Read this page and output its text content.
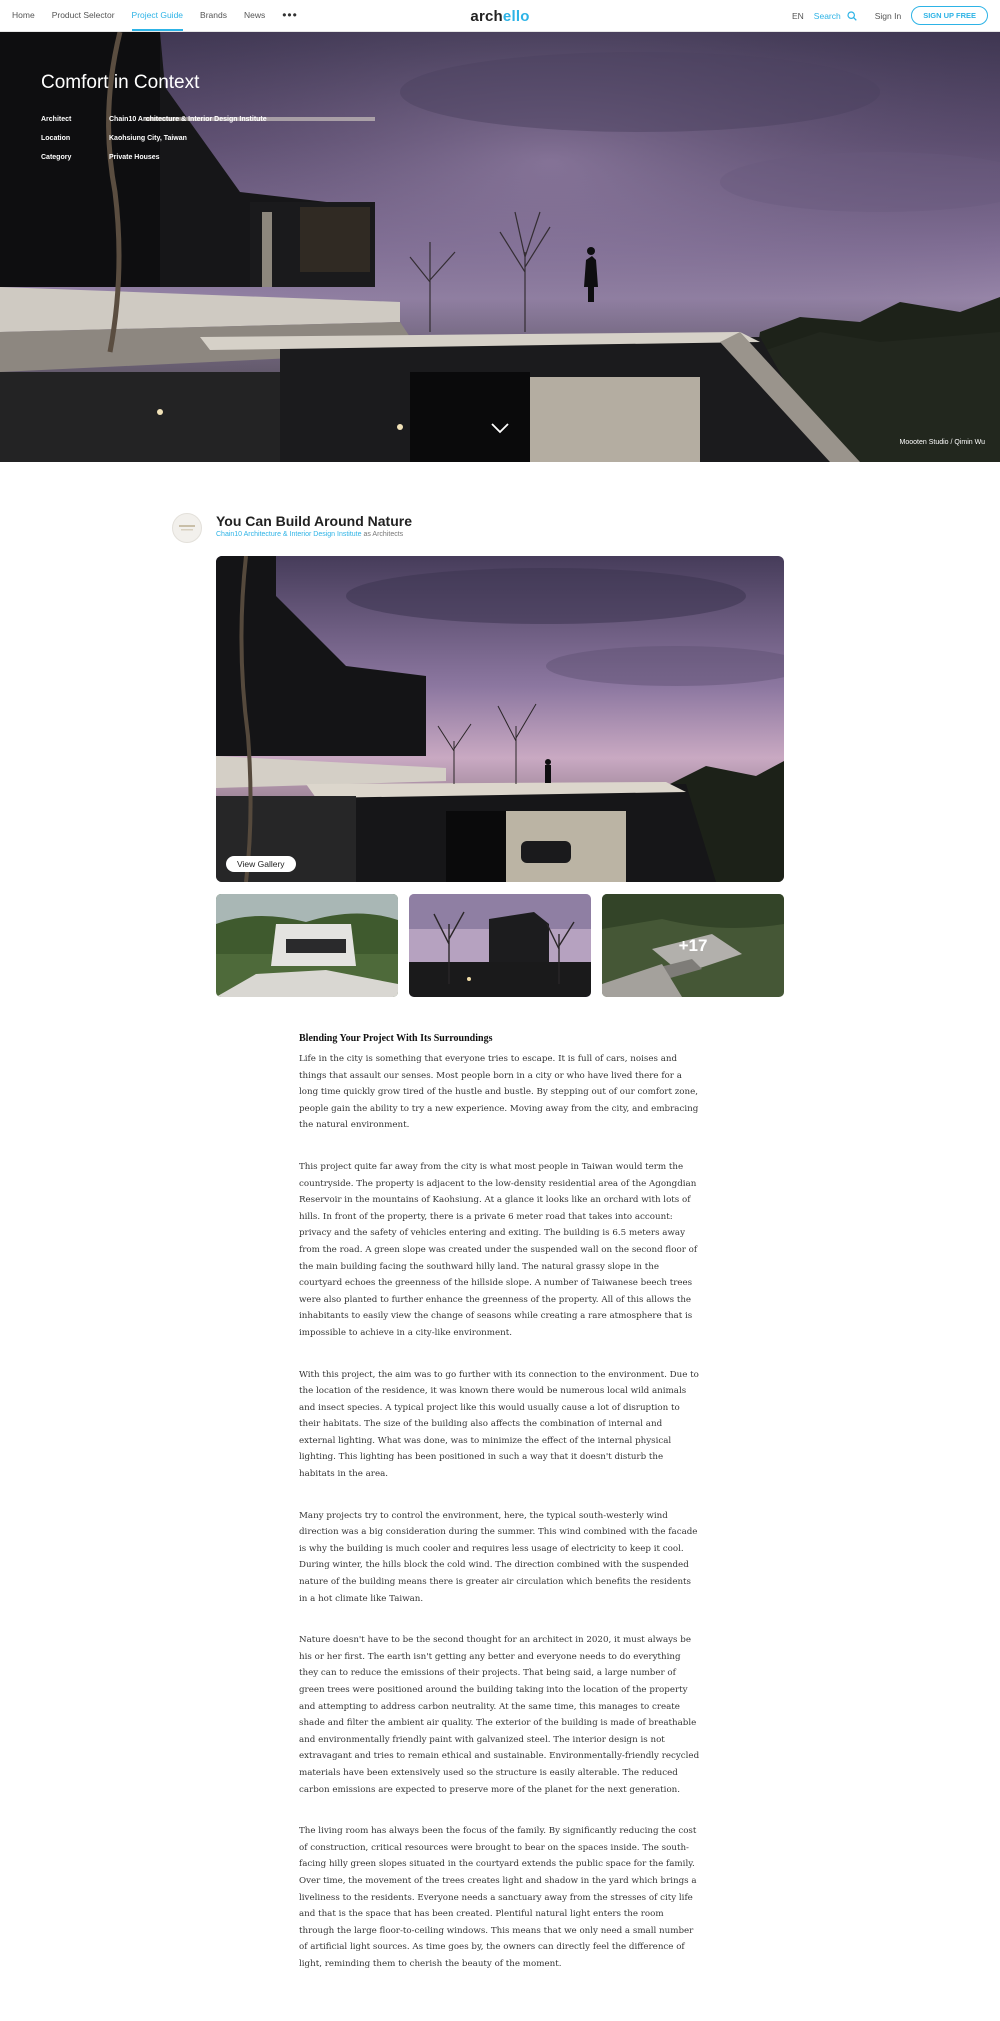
Home Product Selector Project Guide Brands News •••	archello	EN Search	Sign In	SIGN UP FREE
Comfort in Context
Architect	Chain10 Architecture & Interior Design Institute
Location	Kaohsiung City, Taiwan
Category	Private Houses
Moooten Studio / Qimin Wu
You Can Build Around Nature
Chain10 Architecture & Interior Design Institute as Architects
View Gallery
+17
Blending Your Project With Its Surroundings

Life in the city is something that everyone tries to escape. It is full of cars, noises and things that assault our senses. Most people born in a city or who have lived there for a long time quickly grow tired of the hustle and bustle. By stepping out of our comfort zone, people gain the ability to try a new experience. Moving away from the city, and embracing the natural environment.

This project quite far away from the city is what most people in Taiwan would term the countryside. The property is adjacent to the low-density residential area of the Agongdian Reservoir in the mountains of Kaohsiung. At a glance it looks like an orchard with lots of hills. In front of the property, there is a private 6 meter road that takes into account: privacy and the safety of vehicles entering and exiting. The building is 6.5 meters away from the road. A green slope was created under the suspended wall on the second floor of the main building facing the southward hilly land. The natural grassy slope in the courtyard echoes the greenness of the hillside slope. A number of Taiwanese beech trees were also planted to further enhance the greenness of the property. All of this allows the inhabitants to easily view the change of seasons while creating a rare atmosphere that is impossible to achieve in a city-like environment.

With this project, the aim was to go further with its connection to the environment. Due to the location of the residence, it was known there would be numerous local wild animals and insect species. A typical project like this would usually cause a lot of disruption to their habitats. The size of the building also affects the combination of internal and external lighting. What was done, was to minimize the effect of the internal physical lighting. This lighting has been positioned in such a way that it doesn't disturb the habitats in the area.

Many projects try to control the environment, here, the typical south-westerly wind direction was a big consideration during the summer. This wind combined with the facade is why the building is much cooler and requires less usage of electricity to keep it cool. During winter, the hills block the cold wind. The direction combined with the suspended nature of the building means there is greater air circulation which benefits the residents in a hot climate like Taiwan.

Nature doesn't have to be the second thought for an architect in 2020, it must always be his or her first. The earth isn't getting any better and everyone needs to do everything they can to reduce the emissions of their projects. That being said, a large number of green trees were positioned around the building taking into the location of the property and attempting to address carbon neutrality. At the same time, this manages to create shade and filter the ambient air quality. The exterior of the building is made of breathable and environmentally friendly paint with galvanized steel. The interior design is not extravagant and tries to remain ethical and sustainable. Environmentally-friendly recycled materials have been extensively used so the structure is easily alterable. The reduced carbon emissions are expected to preserve more of the planet for the next generation.

The living room has always been the focus of the family. By significantly reducing the cost of construction, critical resources were brought to bear on the spaces inside. The south-facing hilly green slopes situated in the courtyard extends the public space for the family. Over time, the movement of the trees creates light and shadow in the yard which brings a liveliness to the residents. Everyone needs a sanctuary away from the stresses of city life and that is the space that has been created. Plentiful natural light enters the room through the large floor-to-ceiling windows. This means that we only need a small number of artificial light sources. As time goes by, the owners can directly feel the difference of light, reminding them to cherish the beauty of the moment.
